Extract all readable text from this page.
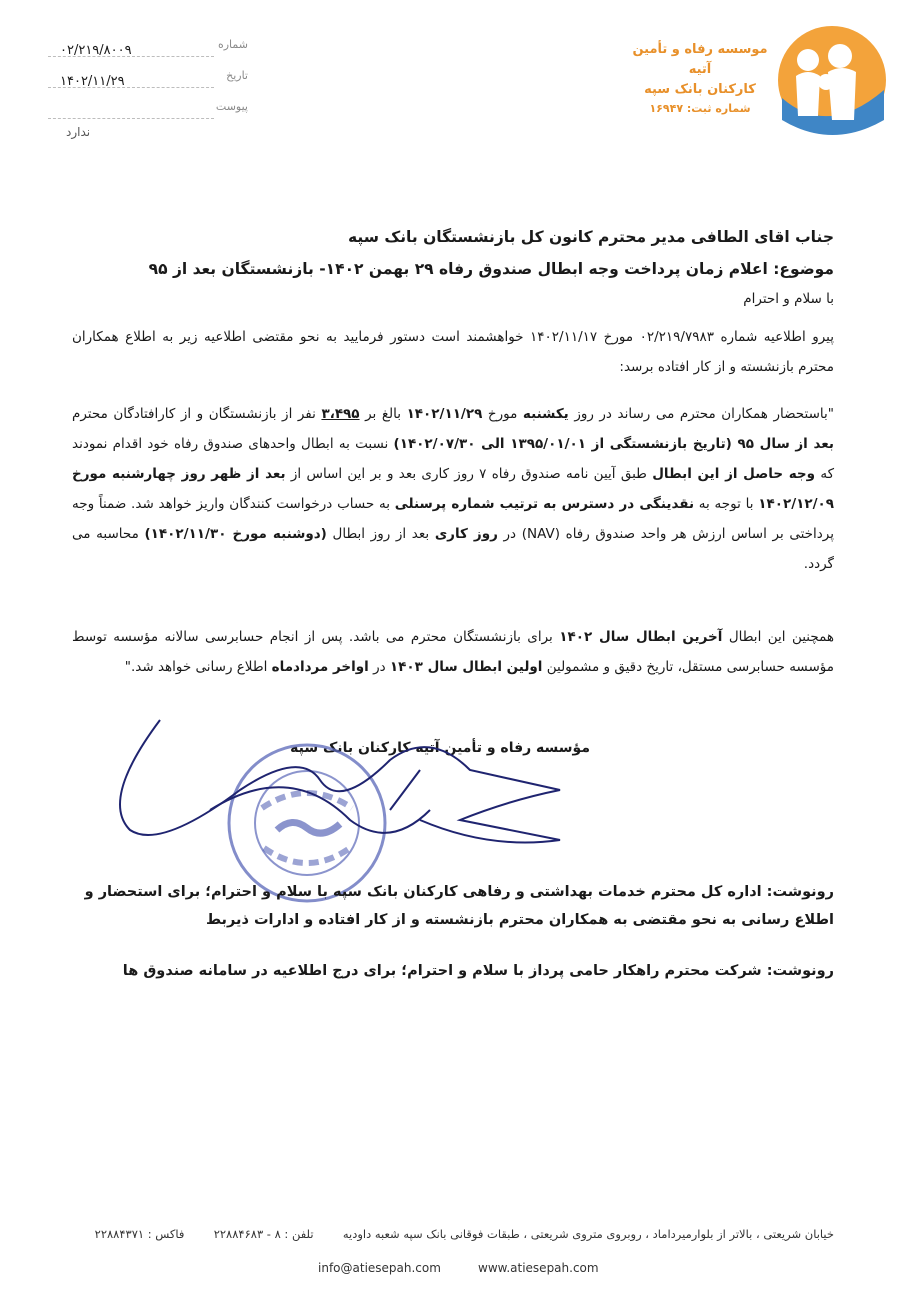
موسسه رفاه و تأمین آتیه
کارکنان بانک سپه
شماره ثبت: ۱۶۹۴۷
شماره
۰۲/۲۱۹/۸۰۰۹
تاریخ
۱۴۰۲/۱۱/۲۹
پیوست
ندارد
جناب اقای الطافی مدیر محترم کانون کل بازنشستگان بانک سپه
موضوع: اعلام زمان پرداخت وجه ابطال صندوق رفاه ۲۹ بهمن ۱۴۰۲- بازنشستگان بعد از ۹۵
با سلام و احترام
پیرو اطلاعیه شماره ۰۲/۲۱۹/۷۹۸۳ مورخ ۱۴۰۲/۱۱/۱۷ خواهشمند است دستور فرمایید به نحو مقتضی اطلاعیه زیر به اطلاع همکاران محترم بازنشسته و از کار افتاده برسد:
"باستحضار همکاران محترم می رساند در روز یکشنبه مورخ ۱۴۰۲/۱۱/۲۹ بالغ بر ۳،۴۹۵ نفر از بازنشستگان و از کارافتادگان محترم بعد از سال ۹۵ (تاریخ بازنشستگی از ۱۳۹۵/۰۱/۰۱ الی ۱۴۰۲/۰۷/۳۰) نسبت به ابطال واحدهای صندوق رفاه خود اقدام نمودند که وجه حاصل از این ابطال طبق آیین نامه صندوق رفاه ۷ روز کاری بعد و بر این اساس از بعد از ظهر روز چهارشنبه مورخ ۱۴۰۲/۱۲/۰۹ با توجه به نقدینگی در دسترس به ترتیب شماره پرسنلی به حساب درخواست کنندگان واریز خواهد شد. ضمناً وجه پرداختی بر اساس ارزش هر واحد صندوق رفاه (NAV) در روز کاری بعد از روز ابطال (دوشنبه مورخ ۱۴۰۲/۱۱/۳۰) محاسبه می گردد.
همچنین این ابطال آخرین ابطال سال ۱۴۰۲ برای بازنشستگان محترم می باشد. پس از انجام حسابرسی سالانه مؤسسه توسط مؤسسه حسابرسی مستقل، تاریخ دقیق و مشمولین اولین ابطال سال ۱۴۰۳ در اواخر مردادماه اطلاع رسانی خواهد شد."
مؤسسه رفاه و تأمین آتیه کارکنان بانک سپه
رونوشت: اداره کل محترم خدمات بهداشتی و رفاهی کارکنان بانک سپه با سلام و احترام؛ برای استحضار و اطلاع رسانی به نحو مقتضی به همکاران محترم بازنشسته و از کار افتاده و ادارات ذیربط
رونوشت: شرکت محترم راهکار حامی پرداز با سلام و احترام؛ برای درج اطلاعیه در سامانه صندوق ها
خیابان شریعتی ، بالاتر از بلوارمیرداماد ، روبروی متروی شریعتی ، طبقات فوقانی بانک سپه شعبه داودیه  تلفن : ۸ - ۲۲۸۸۴۶۸۳  فاکس : ۲۲۸۸۴۳۷۱
www.atiesepah.com
info@atiesepah.com
